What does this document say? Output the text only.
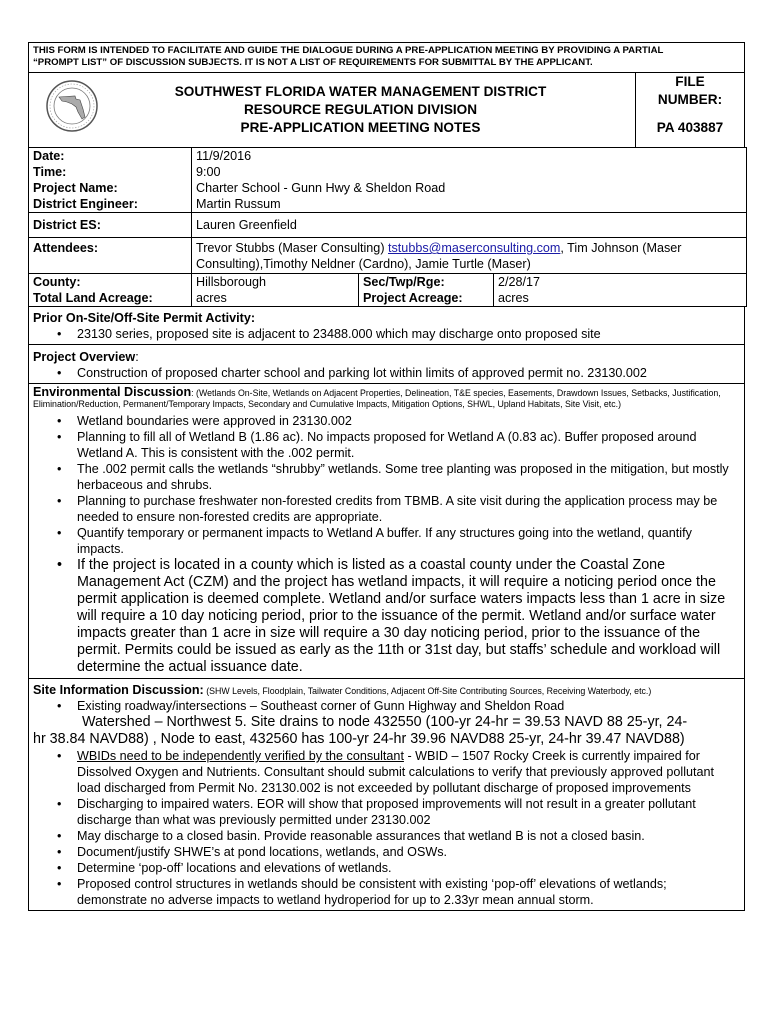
THIS FORM IS INTENDED TO FACILITATE AND GUIDE THE DIALOGUE DURING A PRE-APPLICATION MEETING BY PROVIDING A PARTIAL

“PROMPT LIST” OF DISCUSSION SUBJECTS. IT IS NOT A LIST OF REQUIREMENTS FOR SUBMITTAL BY THE APPLICANT.
SOUTHWEST FLORIDA WATER MANAGEMENT DISTRICT
RESOURCE REGULATION DIVISION
PRE-APPLICATION MEETING NOTES
FILE
NUMBER:
PA 403887
Date:	11/9/2016		
Time:	9:00		
Project Name:	Charter School - Gunn Hwy & Sheldon Road		
District Engineer:	Martin Russum		
District ES:	Lauren Greenfield		
Attendees:	Trevor Stubbs (Maser Consulting) tstubbs@maserconsulting.com, Tim Johnson (Maser Consulting),Timothy Neldner (Cardno), Jamie Turtle (Maser)		
County:	Hillsborough	Sec/Twp/Rge:	2/28/17
Total Land Acreage:	acres	Project Acreage:	acres
Prior On-Site/Off-Site Permit Activity:
• 23130 series, proposed site is adjacent to 23488.000 which may discharge onto proposed site
Project Overview:
• Construction of proposed charter school and parking lot within limits of approved permit no. 23130.002
Environmental Discussion: (Wetlands On-Site, Wetlands on Adjacent Properties, Delineation, T&E species, Easements, Drawdown Issues, Setbacks, Justification, Elimination/Reduction, Permanent/Temporary Impacts, Secondary and Cumulative Impacts, Mitigation Options, SHWL, Upland Habitats, Site Visit, etc.)
• Wetland boundaries were approved in 23130.002
• Planning to fill all of Wetland B (1.86 ac). No impacts proposed for Wetland A (0.83 ac). Buffer proposed around Wetland A. This is consistent with the .002 permit.
• The .002 permit calls the wetlands “shrubby” wetlands. Some tree planting was proposed in the mitigation, but mostly herbaceous and shrubs.
• Planning to purchase freshwater non-forested credits from TBMB. A site visit during the application process may be needed to ensure non-forested credits are appropriate.
• Quantify temporary or permanent impacts to Wetland A buffer. If any structures going into the wetland, quantify impacts.
• If the project is located in a county which is listed as a coastal county under the Coastal Zone Management Act (CZM) and the project has wetland impacts, it will require a noticing period once the permit application is deemed complete. Wetland and/or surface waters impacts less than 1 acre in size will require a 10 day noticing period, prior to the issuance of the permit. Wetland and/or surface water impacts greater than 1 acre in size will require a 30 day noticing period, prior to the issuance of the permit. Permits could be issued as early as the 11th or 31st day, but staffs’ schedule and workload will determine the actual issuance date.
Site Information Discussion: (SHW Levels, Floodplain, Tailwater Conditions, Adjacent Off-Site Contributing Sources, Receiving Waterbody, etc.)
• Existing roadway/intersections – Southeast corner of Gunn Highway and Sheldon Road
Watershed – Northwest 5. Site drains to node 432550 (100-yr 24-hr = 39.53 NAVD 88 25-yr, 24-
hr 38.84 NAVD88) , Node to east, 432560 has 100-yr 24-hr 39.96 NAVD88 25-yr, 24-hr 39.47 NAVD88)
• WBIDs need to be independently verified by the consultant - WBID – 1507 Rocky Creek is currently impaired for Dissolved Oxygen and Nutrients. Consultant should submit calculations to verify that previously approved pollutant load discharged from Permit No. 23130.002 is not exceeded by pollutant discharge of proposed improvements
• Discharging to impaired waters. EOR will show that proposed improvements will not result in a greater pollutant discharge than what was previously permitted under 23130.002
• May discharge to a closed basin. Provide reasonable assurances that wetland B is not a closed basin.
• Document/justify SHWE’s at pond locations, wetlands, and OSWs.
• Determine ‘pop-off’ locations and elevations of wetlands.
• Proposed control structures in wetlands should be consistent with existing ‘pop-off’ elevations of wetlands; demonstrate no adverse impacts to wetland hydroperiod for up to 2.33yr mean annual storm.
